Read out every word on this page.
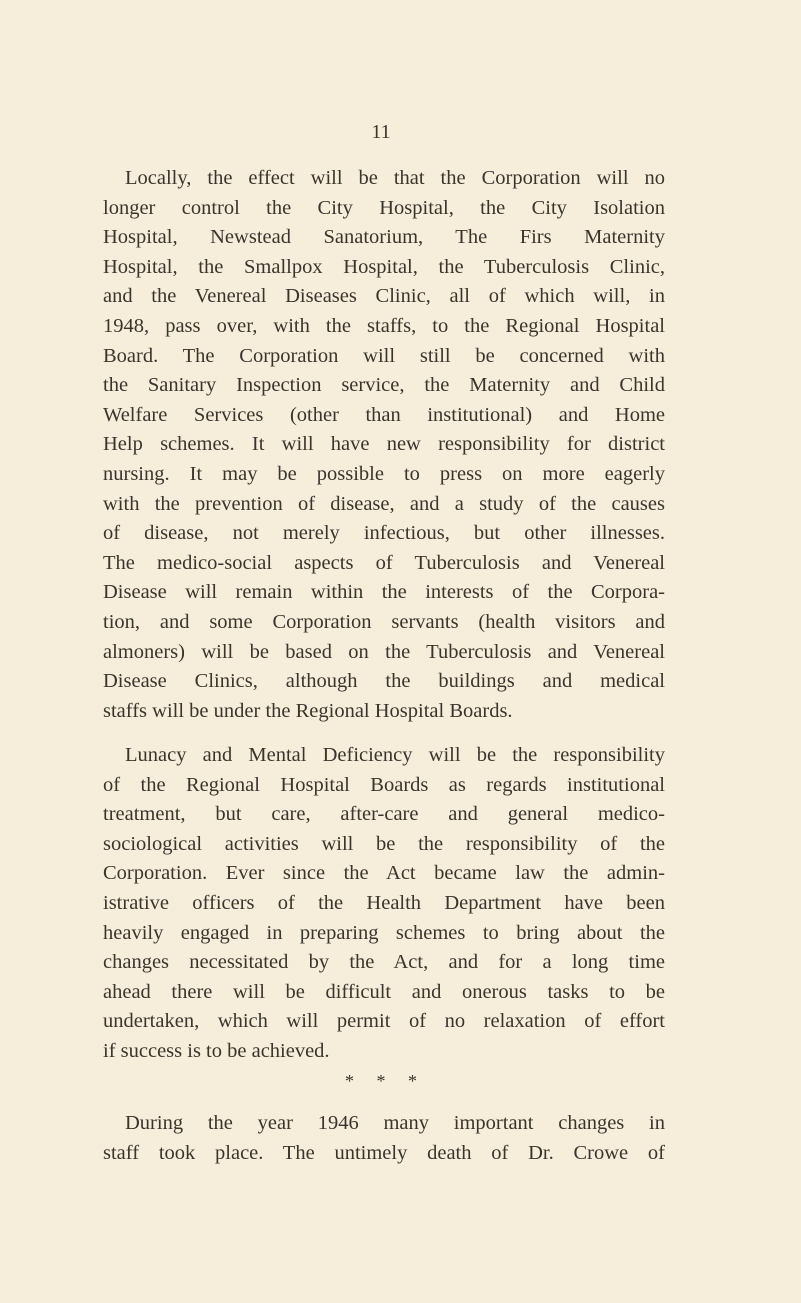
11
Locally, the effect will be that the Corporation will no
longer control the City Hospital, the City Isolation
Hospital, Newstead Sanatorium, The Firs Maternity
Hospital, the Smallpox Hospital, the Tuberculosis Clinic,
and the Venereal Diseases Clinic, all of which will, in
1948, pass over, with the staffs, to the Regional Hospital
Board. The Corporation will still be concerned with
the Sanitary Inspection service, the Maternity and Child
Welfare Services (other than institutional) and Home
Help schemes. It will have new responsibility for district
nursing. It may be possible to press on more eagerly
with the prevention of disease, and a study of the causes
of disease, not merely infectious, but other illnesses.
The medico-social aspects of Tuberculosis and Venereal
Disease will remain within the interests of the Corpora-
tion, and some Corporation servants (health visitors and
almoners) will be based on the Tuberculosis and Venereal
Disease Clinics, although the buildings and medical
staffs will be under the Regional Hospital Boards.
Lunacy and Mental Deficiency will be the responsibility
of the Regional Hospital Boards as regards institutional
treatment, but care, after-care and general medico-
sociological activities will be the responsibility of the
Corporation. Ever since the Act became law the admin-
istrative officers of the Health Department have been
heavily engaged in preparing schemes to bring about the
changes necessitated by the Act, and for a long time
ahead there will be difficult and onerous tasks to be
undertaken, which will permit of no relaxation of effort
if success is to be achieved.
* * *
During the year 1946 many important changes in
staff took place. The untimely death of Dr. Crowe of
